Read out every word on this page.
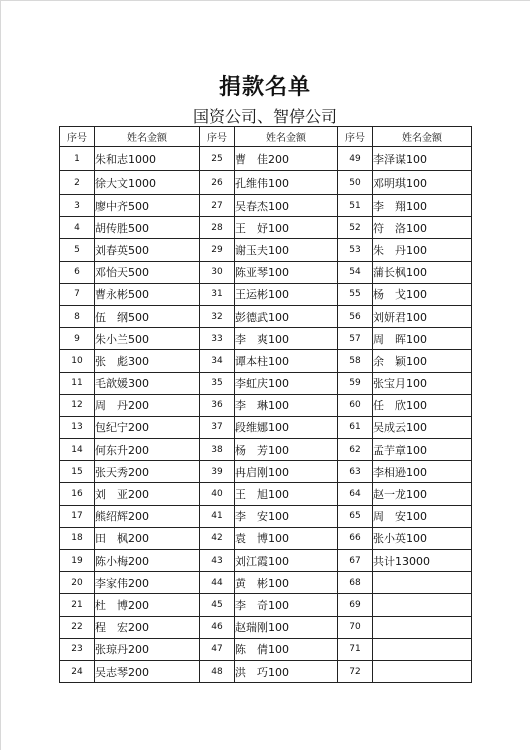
捐款名单
国资公司、智停公司
序号	姓名金额	序号	姓名金额	序号	姓名金额
1	朱和志1000	25	曹　佳200	49	李泽谋100
2	徐大文1000	26	孔维伟100	50	邓明琪100
3	廖中齐500	27	吴春杰100	51	李　翔100
4	胡传胜500	28	王　妤100	52	符　洛100
5	刘春英500	29	谢玉夫100	53	朱　丹100
6	邓怡天500	30	陈亚琴100	54	蒲长枫100
7	曹永彬500	31	王运彬100	55	杨　戈100
8	伍　纲500	32	彭德武100	56	刘妍君100
9	朱小兰500	33	李　爽100	57	周　晖100
10	张　彪300	34	谭本柱100	58	余　颖100
11	毛歆媛300	35	李虹庆100	59	张宝月100
12	周　丹200	36	李　琳100	60	任　欣100
13	包纪宁200	37	段维娜100	61	吴成云100
14	何东升200	38	杨　芳100	62	孟芋章100
15	张天秀200	39	冉启刚100	63	李相逊100
16	刘　亚200	40	王　旭100	64	赵一龙100
17	熊绍辉200	41	李　安100	65	周　安100
18	田　枫200	42	袁　博100	66	张小英100
19	陈小梅200	43	刘江霞100	67	共计13000
20	李家伟200	44	黄　彬100	68	
21	杜　博200	45	李　奇100	69	
22	程　宏200	46	赵瑞刚100	70	
23	张琼丹200	47	陈　倩100	71	
24	吴志琴200	48	洪　巧100	72	
